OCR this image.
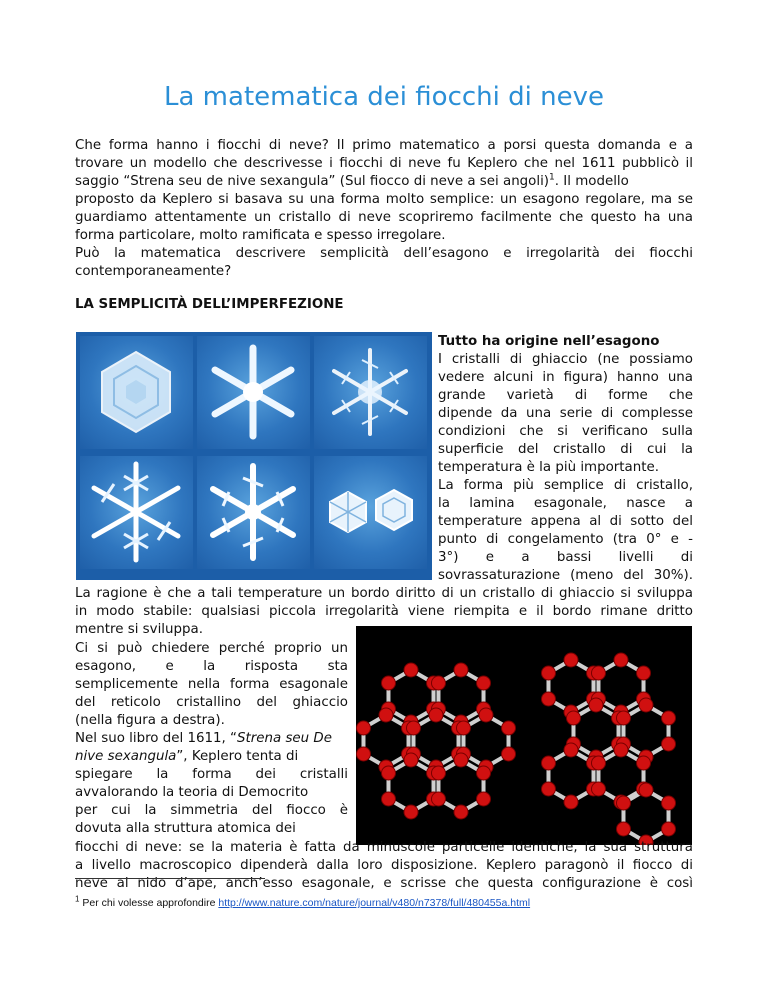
La matematica dei fiocchi di neve
Che forma hanno i fiocchi di neve? Il primo matematico a porsi questa domanda e a
trovare un modello che descrivesse i fiocchi di neve fu Keplero che nel 1611 pubblicò il
saggio “Strena seu de nive sexangula” (Sul fiocco di neve a sei angoli)$^1$. Il modello
proposto da Keplero si basava su una forma molto semplice: un esagono regolare, ma se
guardiamo attentamente un cristallo di neve scopriremo facilmente che questo ha una
forma particolare, molto ramificata e spesso irregolare.
Può la matematica descrivere semplicità dell’esagono e irregolarità dei fiocchi
contemporaneamente?
LA SEMPLICITÀ DELL’IMPERFEZIONE
Tutto ha origine nell’esagono
I cristalli di ghiaccio (ne possiamo
vedere alcuni in figura) hanno una
grande varietà di forme che
dipende da una serie di complesse
condizioni che si verificano sulla
superficie del cristallo di cui la
temperatura è la più importante.
La forma più semplice di cristallo,
la lamina esagonale, nasce a
temperature appena al di sotto del
punto di congelamento (tra 0° e -
3°) e a bassi livelli di
sovrassaturazione (meno del 30%).
La ragione è che a tali temperature un bordo diritto di un cristallo di ghiaccio si sviluppa
in modo stabile: qualsiasi piccola irregolarità viene riempita e il bordo rimane dritto
mentre si sviluppa.
Ci si può chiedere perché proprio un
esagono, e la risposta sta
semplicemente nella forma esagonale
del reticolo cristallino del ghiaccio
(nella figura a destra).
Nel suo libro del 1611, “Strena seu De
nive sexangula”, Keplero tenta di
spiegare la forma dei cristalli
avvalorando la teoria di Democrito
per cui la simmetria del fiocco è
dovuta alla struttura atomica dei
fiocchi di neve: se la materia è fatta da minuscole particelle identiche, la sua struttura
a livello macroscopico dipenderà dalla loro disposizione. Keplero paragonò il fiocco di
neve al nido d’ape, anch’esso esagonale, e scrisse che questa configurazione è così
$^1$ Per chi volesse approfondire http://www.nature.com/nature/journal/v480/n7378/full/480455a.html
